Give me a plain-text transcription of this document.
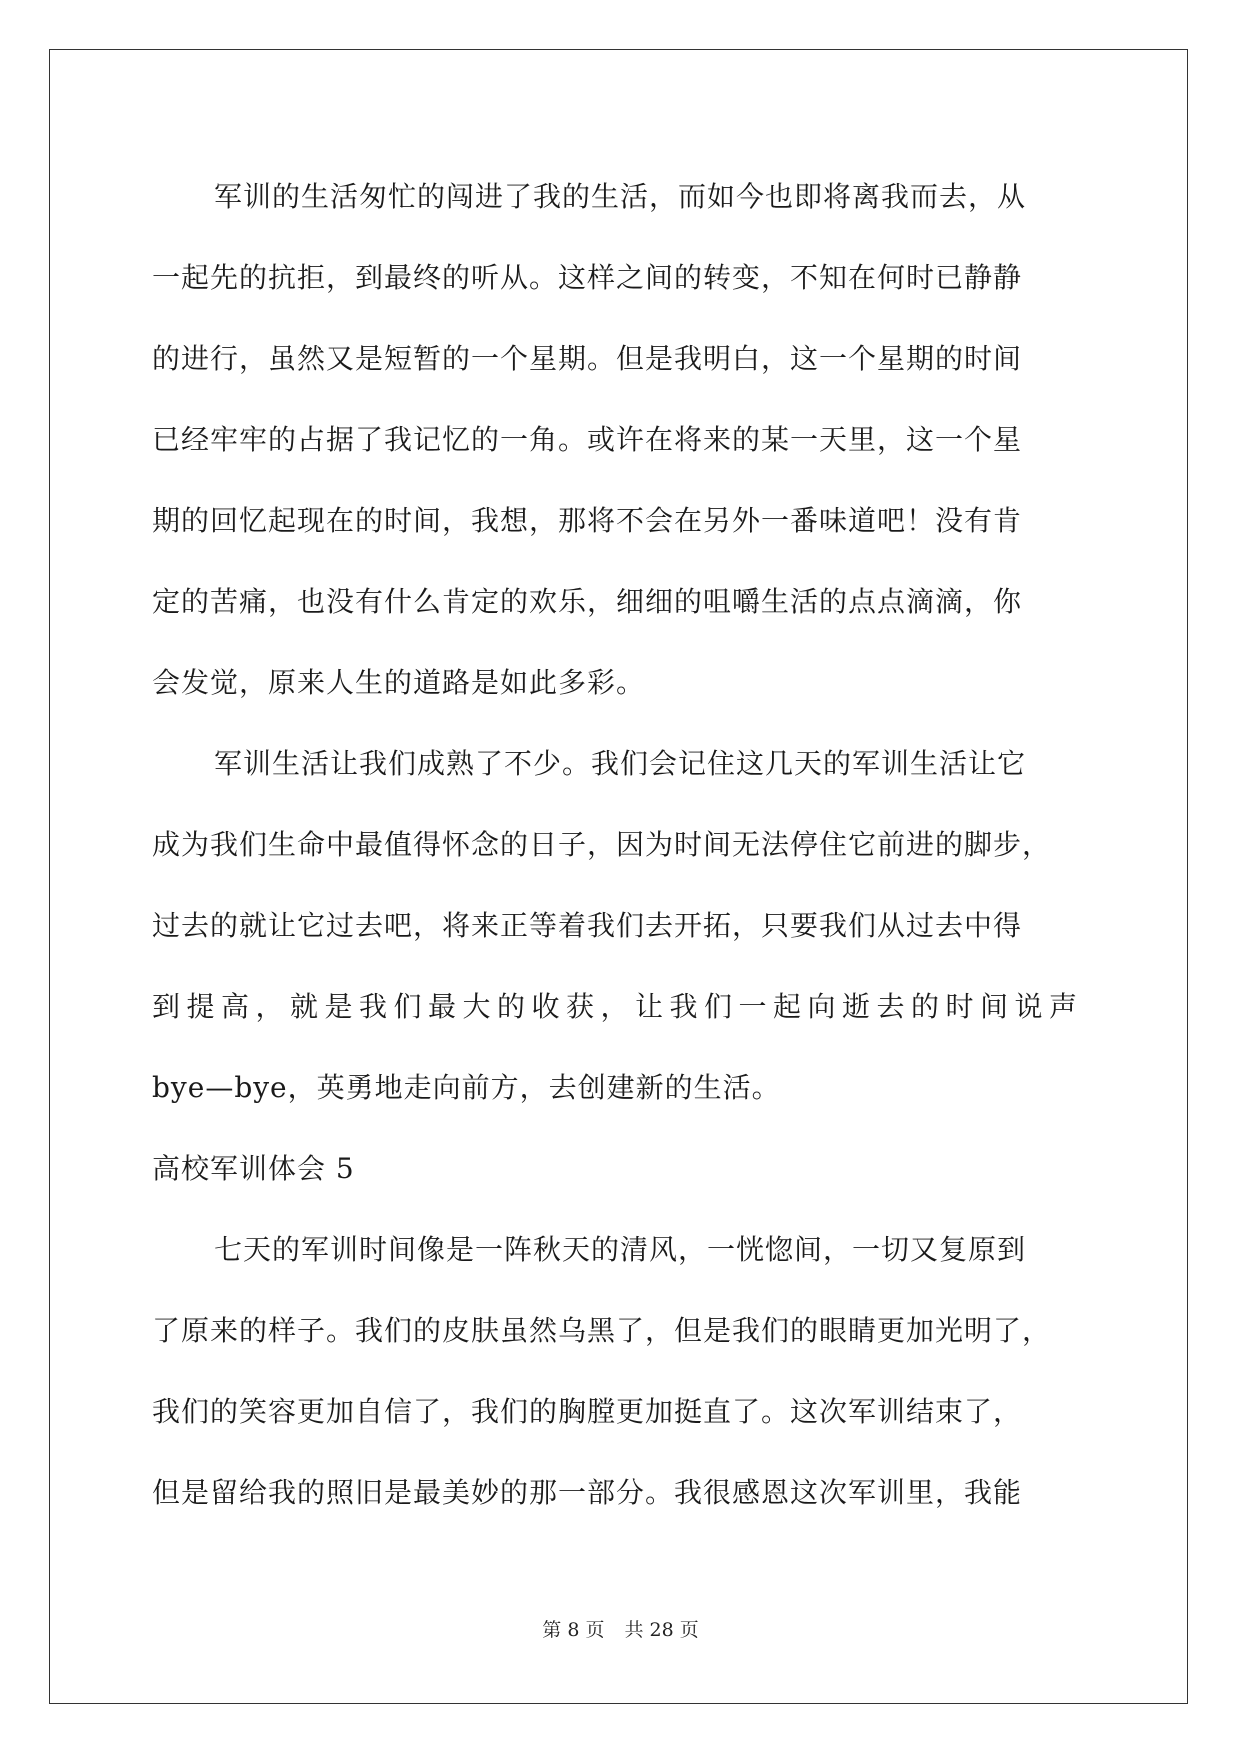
军训的生活匆忙的闯进了我的生活，而如今也即将离我而去，从
一起先的抗拒，到最终的听从。这样之间的转变，不知在何时已静静
的进行，虽然又是短暂的一个星期。但是我明白，这一个星期的时间
已经牢牢的占据了我记忆的一角。或许在将来的某一天里，这一个星
期的回忆起现在的时间，我想，那将不会在另外一番味道吧！没有肯
定的苦痛，也没有什么肯定的欢乐，细细的咀嚼生活的点点滴滴，你
会发觉，原来人生的道路是如此多彩。
军训生活让我们成熟了不少。我们会记住这几天的军训生活让它
成为我们生命中最值得怀念的日子，因为时间无法停住它前进的脚步，
过去的就让它过去吧，将来正等着我们去开拓，只要我们从过去中得
到提高，就是我们最大的收获，让我们一起向逝去的时间说声
bye—bye，英勇地走向前方，去创建新的生活。
高校军训体会 5
七天的军训时间像是一阵秋天的清风，一恍惚间，一切又复原到
了原来的样子。我们的皮肤虽然乌黑了，但是我们的眼睛更加光明了，
我们的笑容更加自信了，我们的胸膛更加挺直了。这次军训结束了，
但是留给我的照旧是最美妙的那一部分。我很感恩这次军训里，我能
第 8 页 共 28 页
